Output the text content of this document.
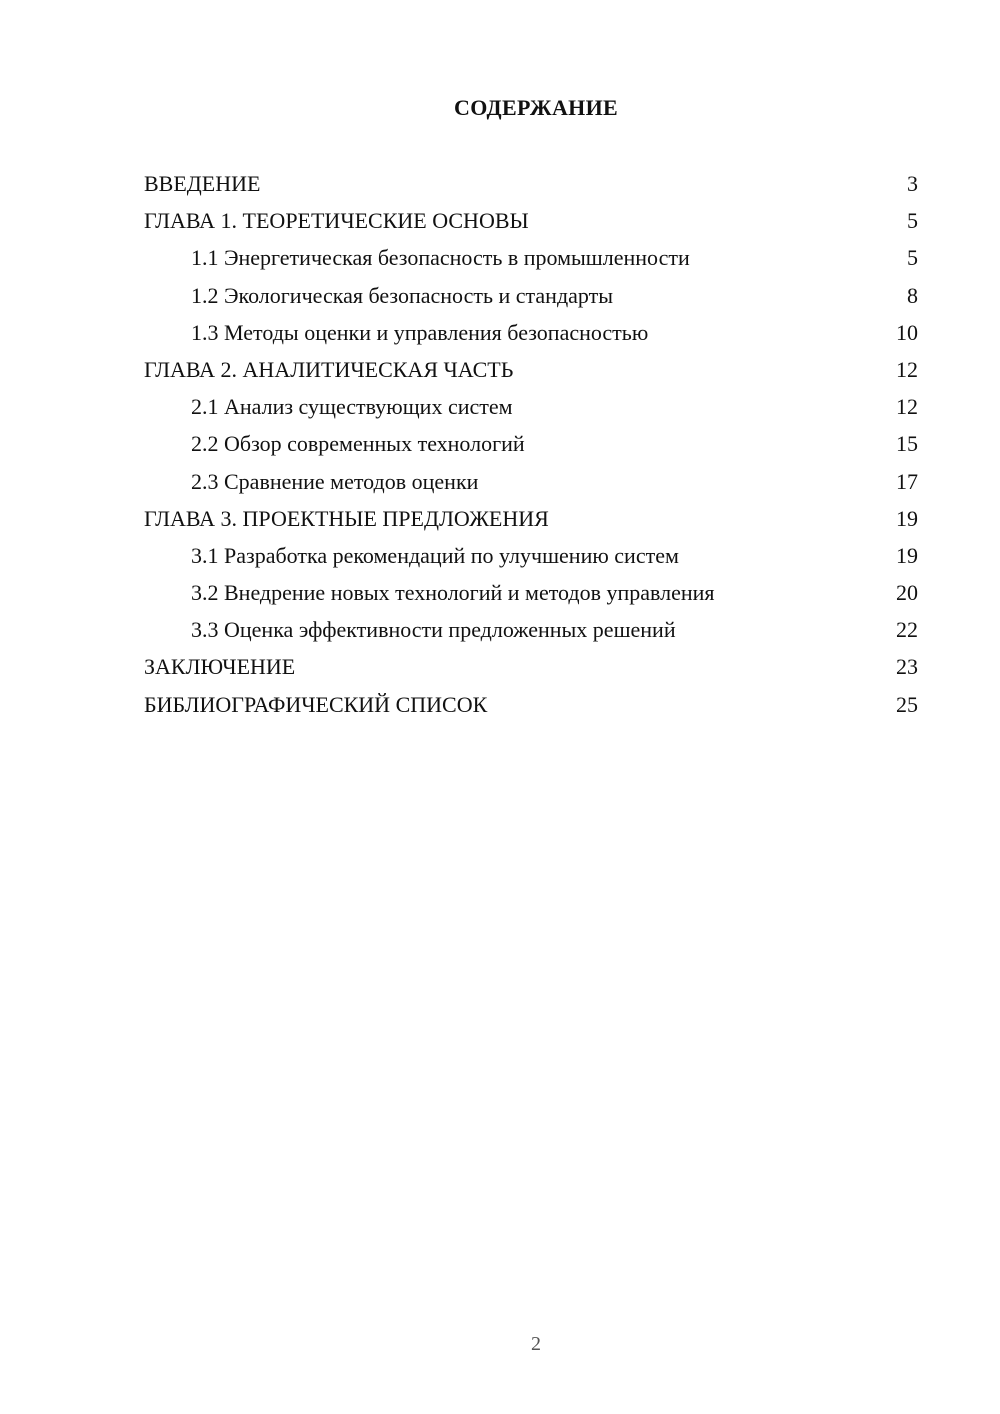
СОДЕРЖАНИЕ
ВВЕДЕНИЕ	3
ГЛАВА 1. ТЕОРЕТИЧЕСКИЕ ОСНОВЫ	5
1.1 Энергетическая безопасность в промышленности	5
1.2 Экологическая безопасность и стандарты	8
1.3 Методы оценки и управления безопасностью	10
ГЛАВА 2. АНАЛИТИЧЕСКАЯ ЧАСТЬ	12
2.1 Анализ существующих систем	12
2.2 Обзор современных технологий	15
2.3 Сравнение методов оценки	17
ГЛАВА 3. ПРОЕКТНЫЕ ПРЕДЛОЖЕНИЯ	19
3.1 Разработка рекомендаций по улучшению систем	19
3.2 Внедрение новых технологий и методов управления	20
3.3 Оценка эффективности предложенных решений	22
ЗАКЛЮЧЕНИЕ	23
БИБЛИОГРАФИЧЕСКИЙ СПИСОК	25
2
